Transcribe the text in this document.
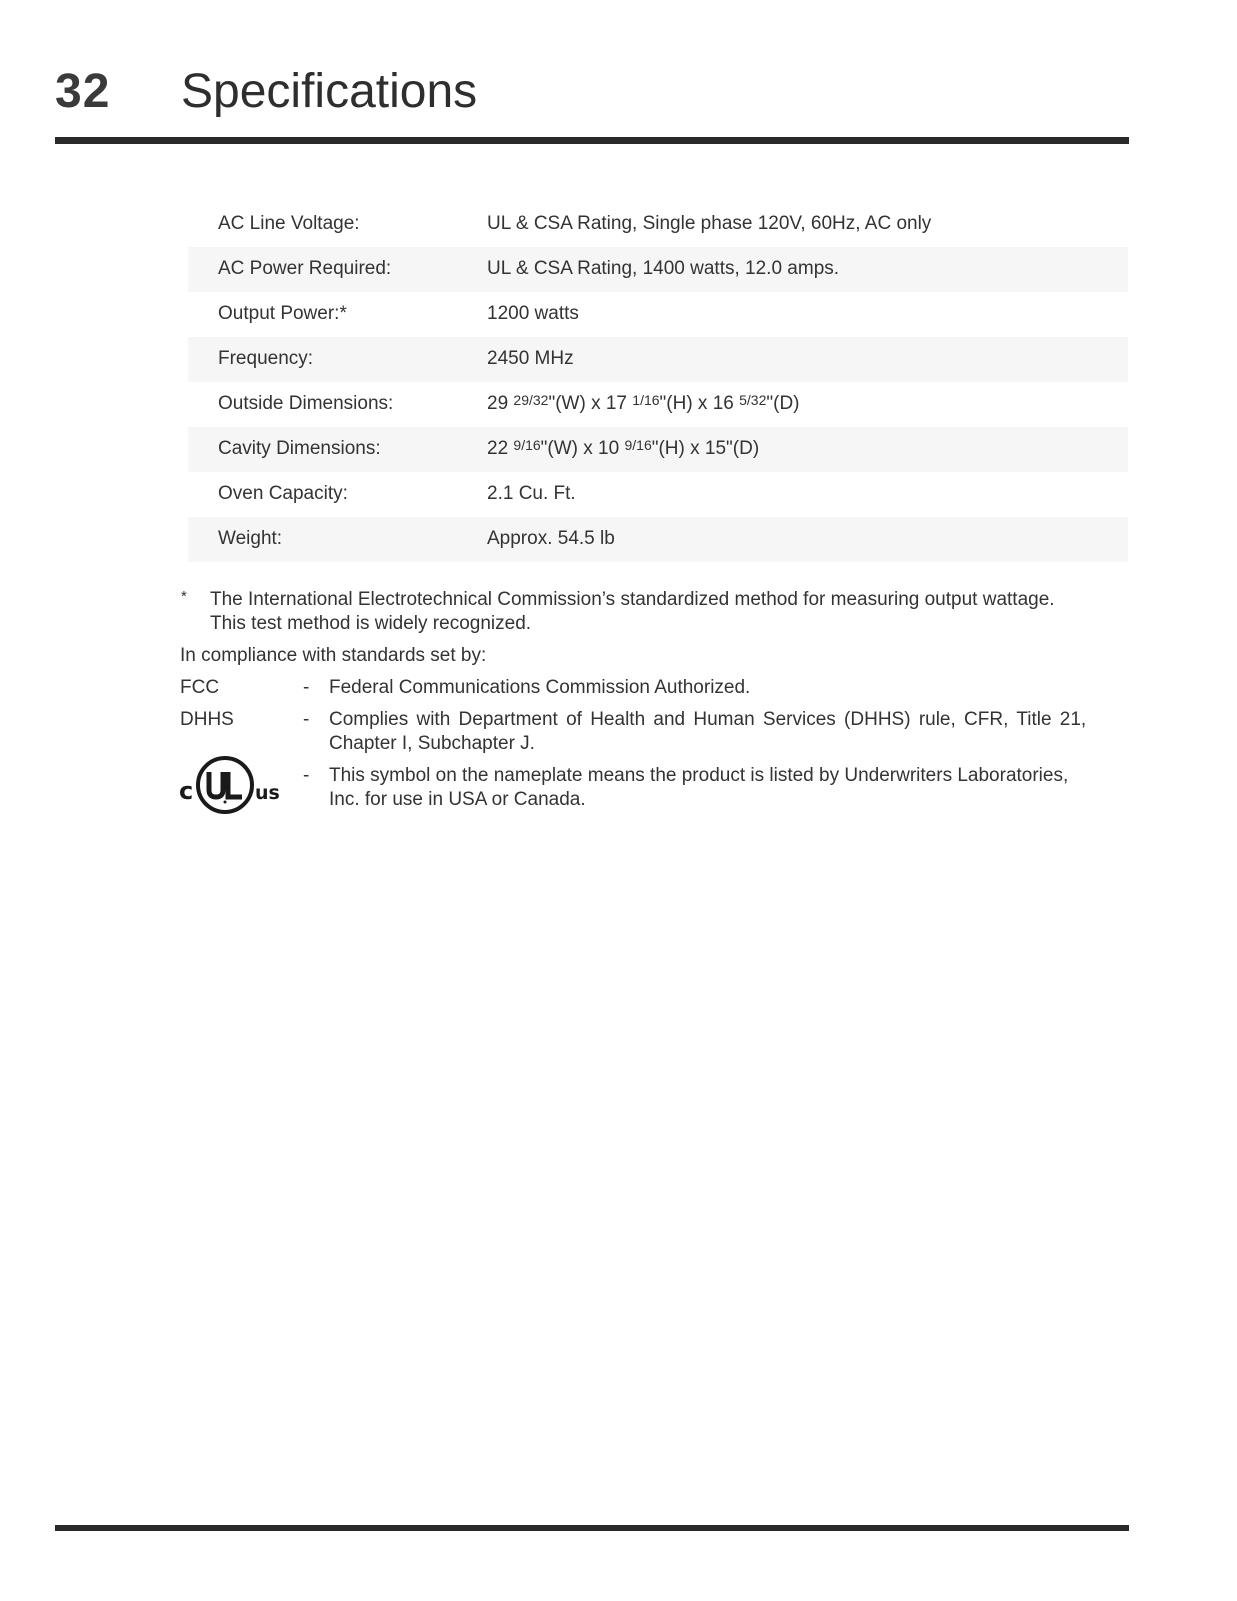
32 Specifications
AC Line Voltage:	UL & CSA Rating, Single phase 120V, 60Hz, AC only
AC Power Required:	UL & CSA Rating, 1400 watts, 12.0 amps.
Output Power:*	1200 watts
Frequency:	2450 MHz
Outside Dimensions:	29 $^{29/32}$"(W) x 17 $^{1/16}$"(H) x 16 $^{5/32}$"(D)
Cavity Dimensions:	22 $^{9/16}$"(W) x 10 $^{9/16}$"(H) x 15"(D)
Oven Capacity:	2.1 Cu. Ft.
Weight:	Approx. 54.5 lb
* The International Electrotechnical Commission’s standardized method for measuring output wattage.
This test method is widely recognized.
In compliance with standards set by:
FCC	- Federal Communications Commission Authorized.
DHHS	- Complies with Department of Health and Human Services (DHHS) rule, CFR, Title 21,
Chapter I, Subchapter J.
c	us
- This symbol on the nameplate means the product is listed by Underwriters Laboratories,
Inc. for use in USA or Canada.
